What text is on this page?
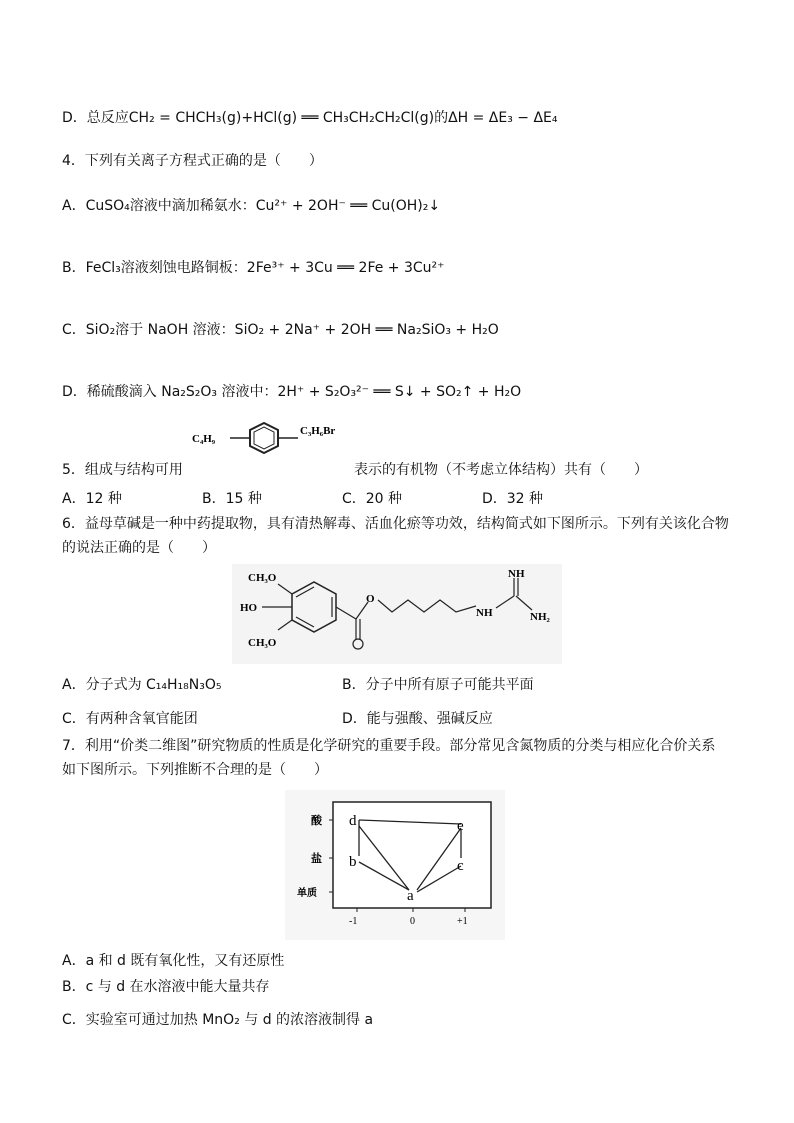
D．总反应CH₂ = CHCH₃(g)+HCl(g) ══ CH₃CH₂CH₂Cl(g)的ΔH = ΔE₃ − ΔE₄
4．下列有关离子方程式正确的是（　　）
A．CuSO₄溶液中滴加稀氨水：Cu²⁺ + 2OH⁻ ══ Cu(OH)₂↓
B．FeCl₃溶液刻蚀电路铜板：2Fe³⁺ + 3Cu ══ 2Fe + 3Cu²⁺
C．SiO₂溶于 NaOH 溶液：SiO₂ + 2Na⁺ + 2OH ══ Na₂SiO₃ + H₂O
D．稀硫酸滴入 Na₂S₂O₃ 溶液中：2H⁺ + S₂O₃²⁻ ══ S↓ + SO₂↑ + H₂O
5．组成与结构可用	表示的有机物（不考虑立体结构）共有（　　）
C₄H₉
C₃H₆Br
A．12 种	B．15 种	C．20 种	D．32 种
6．益母草碱是一种中药提取物，具有清热解毒、活血化瘀等功效，结构简式如下图所示。下列有关该化合物
的说法正确的是（　　）
CH₃O
HO
CH₃O
O
NH
NH
NH₂
A．分子式为 C₁₄H₁₈N₃O₅	B．分子中所有原子可能共平面
C．有两种含氧官能团	D．能与强酸、强碱反应
7．利用“价类二维图”研究物质的性质是化学研究的重要手段。部分常见含氮物质的分类与相应化合价关系
如下图所示。下列推断不合理的是（　　）
酸
盐
单质
-1	0	+1
d
b
a
e
c
A．a 和 d 既有氧化性，又有还原性
B．c 与 d 在水溶液中能大量共存
C．实验室可通过加热 MnO₂ 与 d 的浓溶液制得 a
